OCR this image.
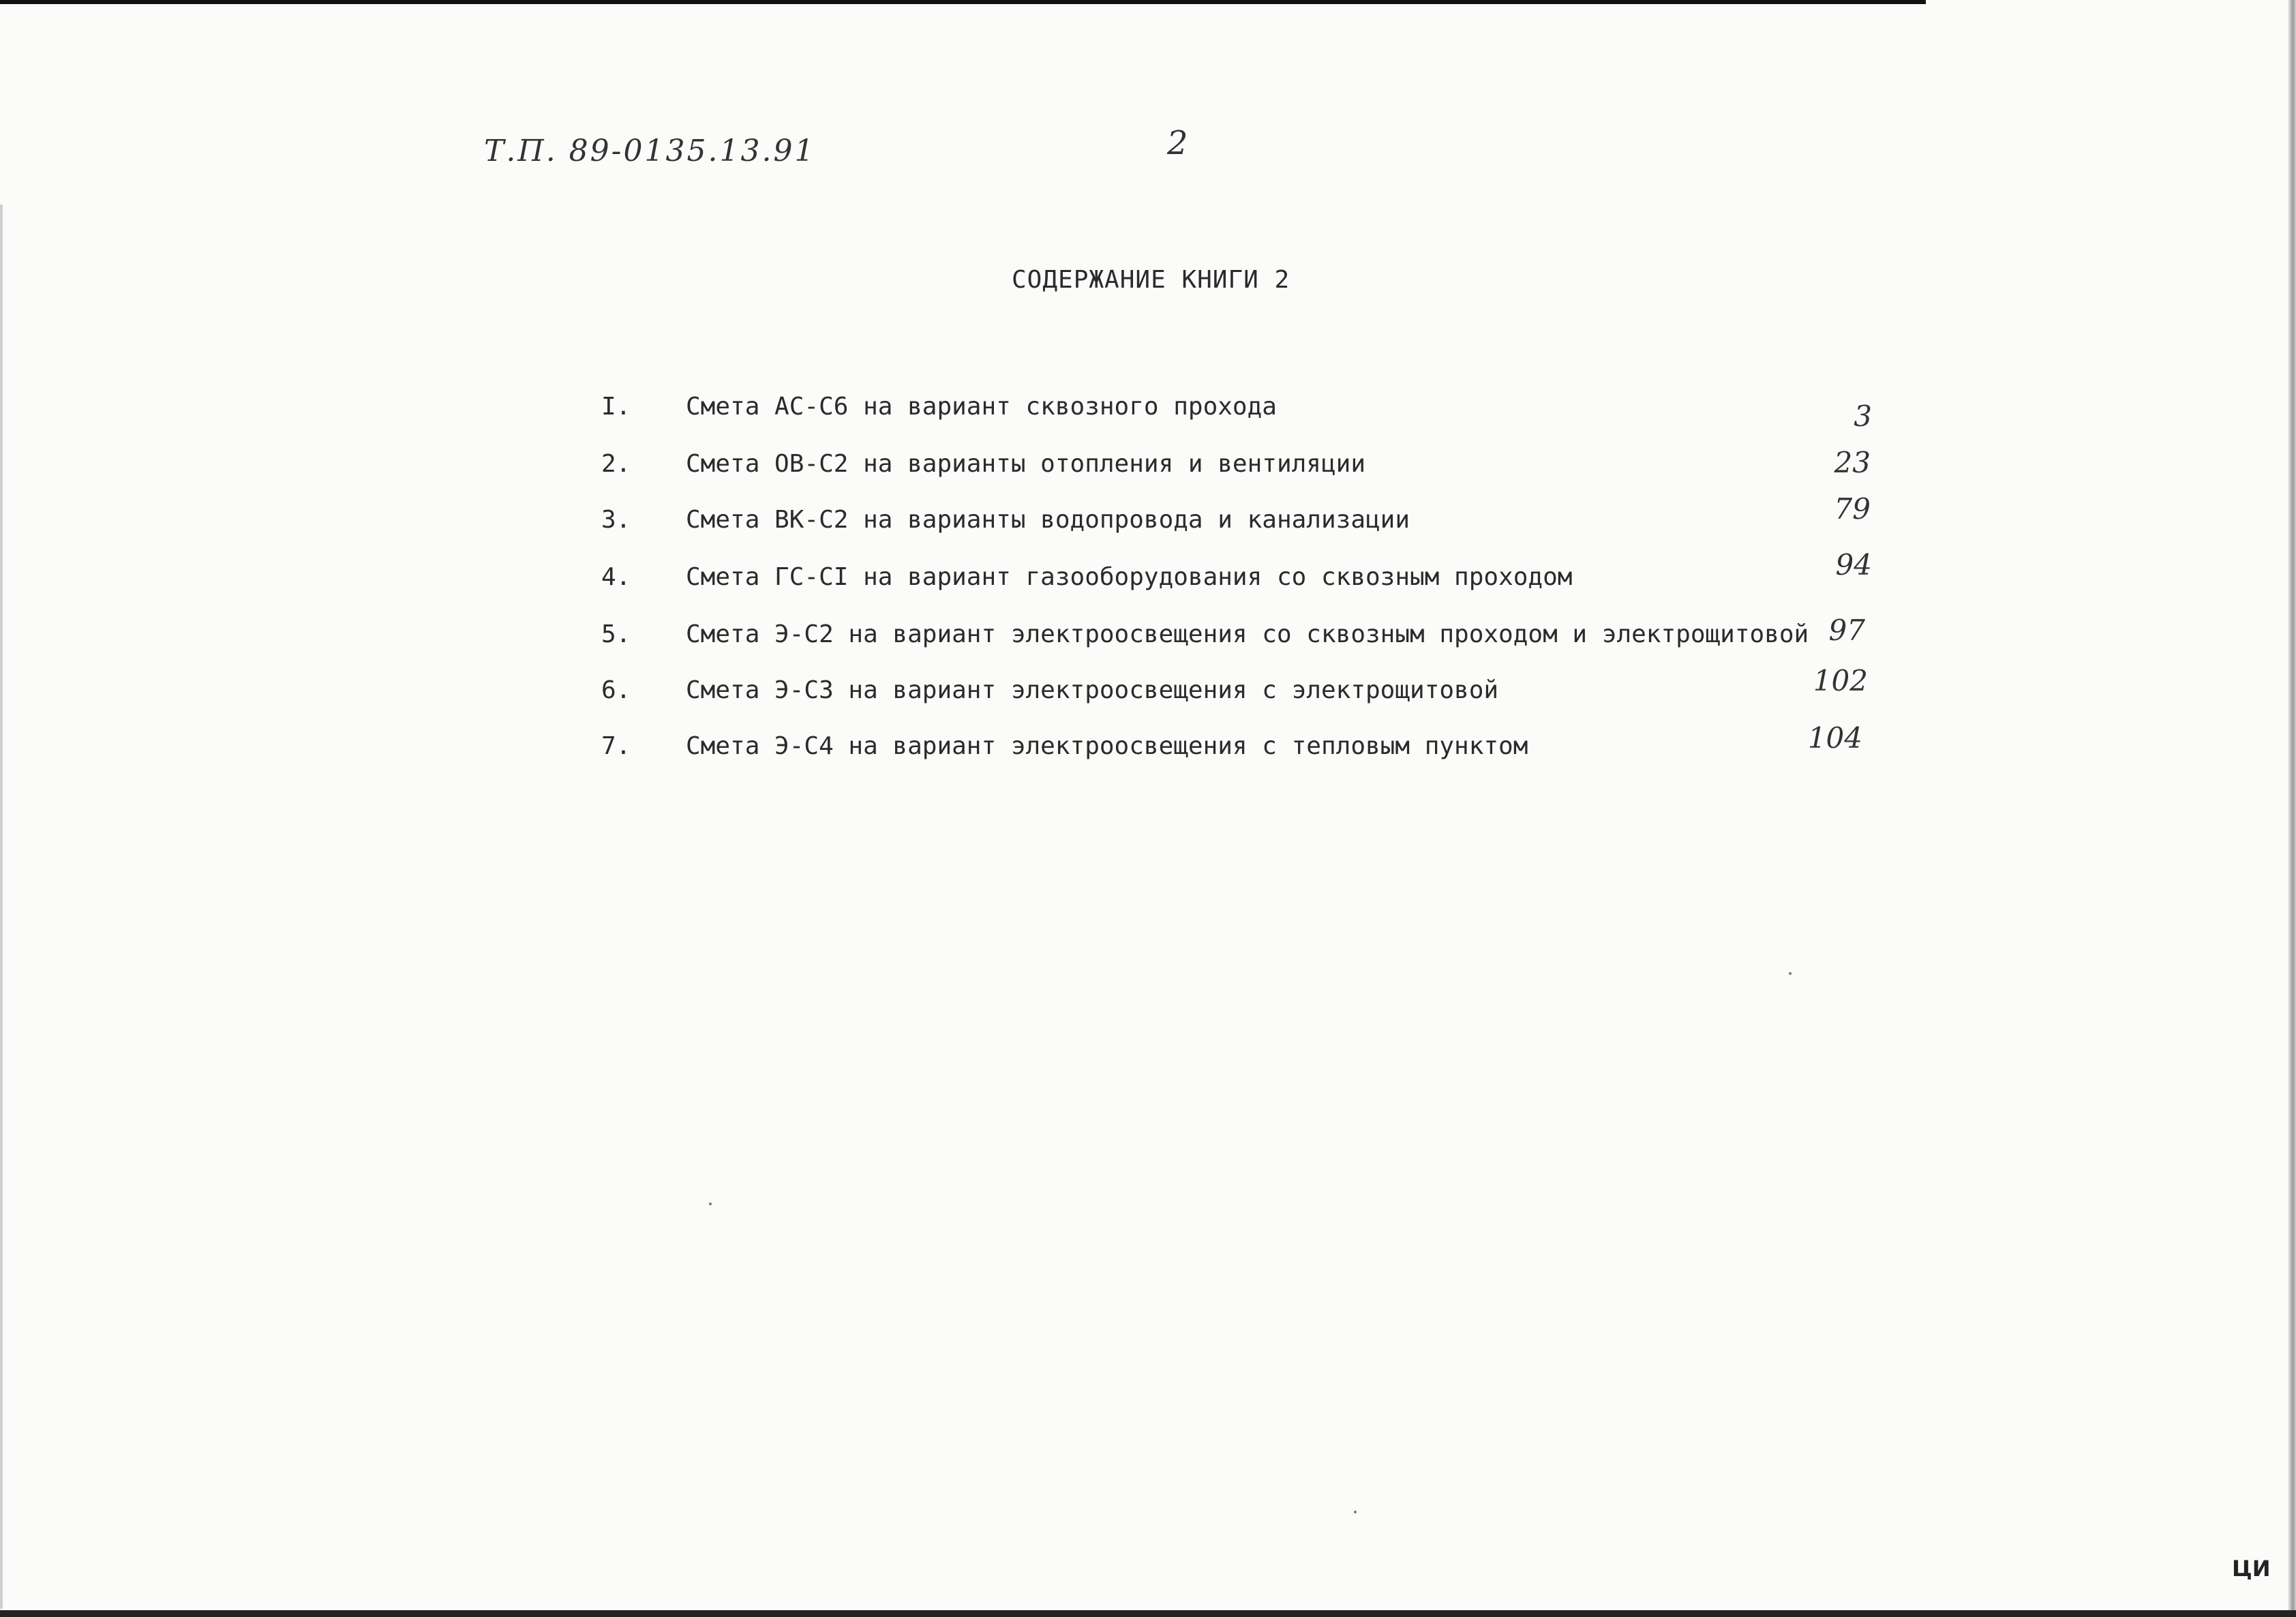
Т.П. 89-0135.13.91	2
СОДЕРЖАНИЕ КНИГИ 2
I. Смета АС-С6 на вариант сквозного прохода	3
2. Смета ОВ-С2 на варианты отопления и вентиляции	23
3. Смета ВК-С2 на варианты водопровода и канализации	79
4. Смета ГС-СI на вариант газооборудования со сквозным проходом	94
5. Смета Э-С2 на вариант электроосвещения со сквозным проходом и электрощитовой 97
6. Смета Э-С3 на вариант электроосвещения с электрощитовой	102
7. Смета Э-С4 на вариант электроосвещения с тепловым пунктом	104
ЦИ
